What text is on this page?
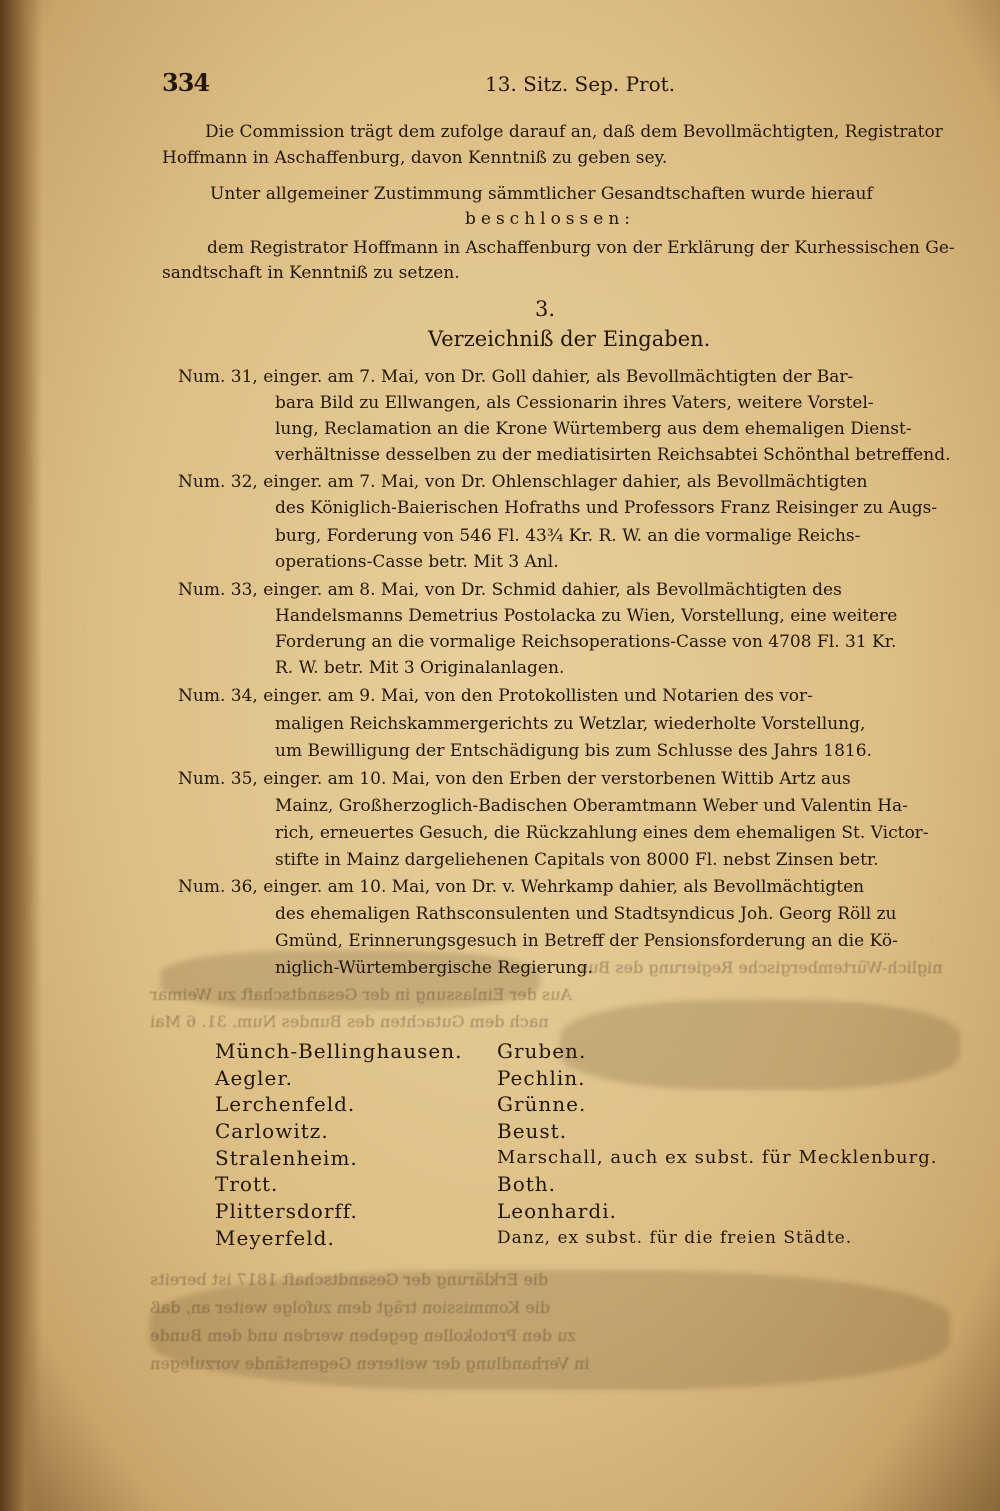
334	13. Sitz. Sep. Prot.
Die Commission trägt dem zufolge darauf an, daß dem Bevollmächtigten, Registrator
Hoffmann in Aschaffenburg, davon Kenntniß zu geben sey.
Unter allgemeiner Zustimmung sämmtlicher Gesandtschaften wurde hierauf
beschlossen:
dem Registrator Hoffmann in Aschaffenburg von der Erklärung der Kurhessischen Ge-
sandtschaft in Kenntniß zu setzen.
3.
Verzeichniß der Eingaben.
Num. 31, einger. am 7. Mai, von Dr. Goll dahier, als Bevollmächtigten der Bar-
bara Bild zu Ellwangen, als Cessionarin ihres Vaters, weitere Vorstel-
lung, Reclamation an die Krone Würtemberg aus dem ehemaligen Dienst-
verhältnisse desselben zu der mediatisirten Reichsabtei Schönthal betreffend.
Num. 32, einger. am 7. Mai, von Dr. Ohlenschlager dahier, als Bevollmächtigten
des Königlich-Baierischen Hofraths und Professors Franz Reisinger zu Augs-
burg, Forderung von 546 Fl. 43¾ Kr. R. W. an die vormalige Reichs-
operations-Casse betr. Mit 3 Anl.
Num. 33, einger. am 8. Mai, von Dr. Schmid dahier, als Bevollmächtigten des
Handelsmanns Demetrius Postolacka zu Wien, Vorstellung, eine weitere
Forderung an die vormalige Reichsoperations-Casse von 4708 Fl. 31 Kr.
R. W. betr. Mit 3 Originalanlagen.
Num. 34, einger. am 9. Mai, von den Protokollisten und Notarien des vor-
maligen Reichskammergerichts zu Wetzlar, wiederholte Vorstellung,
um Bewilligung der Entschädigung bis zum Schlusse des Jahrs 1816.
Num. 35, einger. am 10. Mai, von den Erben der verstorbenen Wittib Artz aus
Mainz, Großherzoglich-Badischen Oberamtmann Weber und Valentin Ha-
rich, erneuertes Gesuch, die Rückzahlung eines dem ehemaligen St. Victor-
stifte in Mainz dargeliehenen Capitals von 8000 Fl. nebst Zinsen betr.
Num. 36, einger. am 10. Mai, von Dr. v. Wehrkamp dahier, als Bevollmächtigten
des ehemaligen Rathsconsulenten und Stadtsyndicus Joh. Georg Röll zu
Gmünd, Erinnerungsgesuch in Betreff der Pensionsforderung an die Kö-
niglich-Würtembergische Regierung.
niglich-Würtembergische Regierung des Bus
Aus der Einlassung in der Gesandtschaft zu Weimar
nach dem Gutachten des Bundes Num. 31. 6 Mai
die Erklärung der Gesandtschaft 1817 ist bereits
die Kommission trägt dem zufolge weiter an, daß
zu den Protokollen gegeben werden und dem Bunde
in Verhandlung der weiteren Gegenstände vorzulegen
Münch-Bellinghausen.
Aegler.
Lerchenfeld.
Carlowitz.
Stralenheim.
Trott.
Plittersdorff.
Meyerfeld.
Gruben.
Pechlin.
Grünne.
Beust.
Marschall, auch ex subst. für Mecklenburg.
Both.
Leonhardi.
Danz, ex subst. für die freien Städte.
